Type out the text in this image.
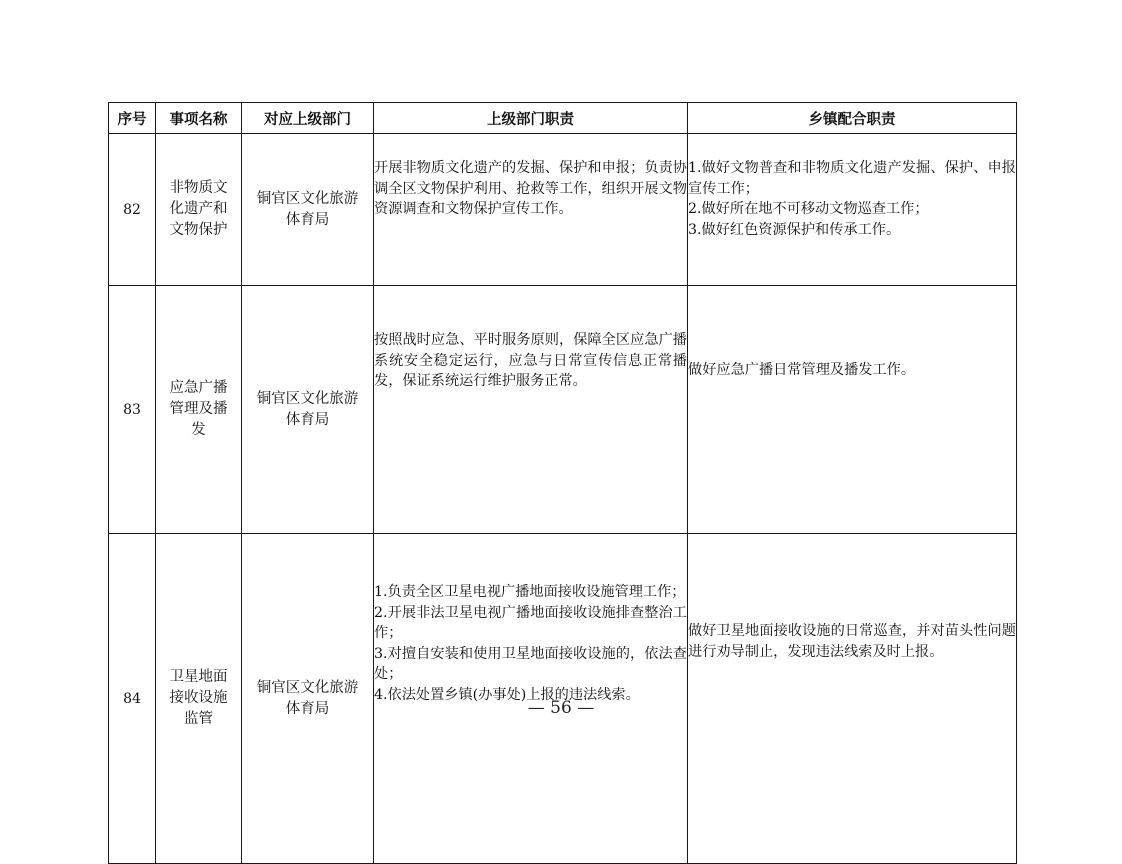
序号	事项名称	对应上级部门	上级部门职责	乡镇配合职责
82	非物质文化遗产和文物保护	铜官区文化旅游体育局	开展非物质文化遗产的发掘、保护和申报；负责协调全区文物保护利用、抢救等工作，组织开展文物资源调查和文物保护宣传工作。	1.做好文物普查和非物质文化遗产发掘、保护、申报宣传工作；
2.做好所在地不可移动文物巡查工作；
3.做好红色资源保护和传承工作。

83	应急广播管理及播发	铜官区文化旅游体育局	按照战时应急、平时服务原则，保障全区应急广播系统安全稳定运行，应急与日常宣传信息正常播发，保证系统运行维护服务正常。	做好应急广播日常管理及播发工作。
84	卫星地面接收设施监管	铜官区文化旅游体育局	1.负责全区卫星电视广播地面接收设施管理工作；
2.开展非法卫星电视广播地面接收设施排查整治工作；
3.对擅自安装和使用卫星地面接收设施的，依法查处；
4.依法处置乡镇(办事处)上报的违法线索。	做好卫星地面接收设施的日常巡查，并对苗头性问题进行劝导制止，发现违法线索及时上报。
— 56 —
